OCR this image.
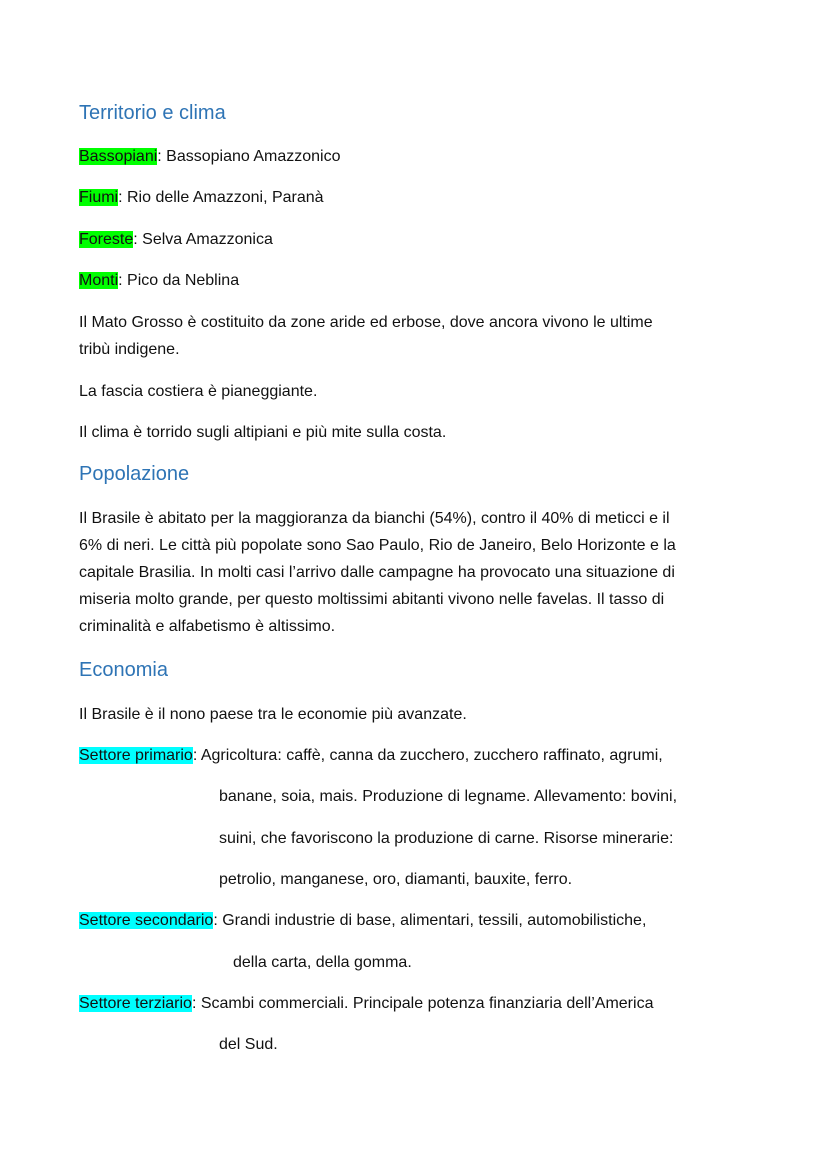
Territorio e clima

Bassopiani: Bassopiano Amazzonico

Fiumi: Rio delle Amazzoni, Paranà

Foreste: Selva Amazzonica

Monti: Pico da Neblina

Il Mato Grosso è costituito da zone aride ed erbose, dove ancora vivono le ultime
tribù indigene.

La fascia costiera è pianeggiante.

Il clima è torrido sugli altipiani e più mite sulla costa.

Popolazione

Il Brasile è abitato per la maggioranza da bianchi (54%), contro il 40% di meticci e il
6% di neri. Le città più popolate sono Sao Paulo, Rio de Janeiro, Belo Horizonte e la
capitale Brasilia. In molti casi l’arrivo dalle campagne ha provocato una situazione di
miseria molto grande, per questo moltissimi abitanti vivono nelle favelas. Il tasso di
criminalità e alfabetismo è altissimo.

Economia

Il Brasile è il nono paese tra le economie più avanzate.

Settore primario: Agricoltura: caffè, canna da zucchero, zucchero raffinato, agrumi,

banane, soia, mais. Produzione di legname. Allevamento: bovini,

suini, che favoriscono la produzione di carne. Risorse minerarie:

petrolio, manganese, oro, diamanti, bauxite, ferro.

Settore secondario: Grandi industrie di base, alimentari, tessili, automobilistiche,

della carta, della gomma.

Settore terziario: Scambi commerciali. Principale potenza finanziaria dell’America

del Sud.
